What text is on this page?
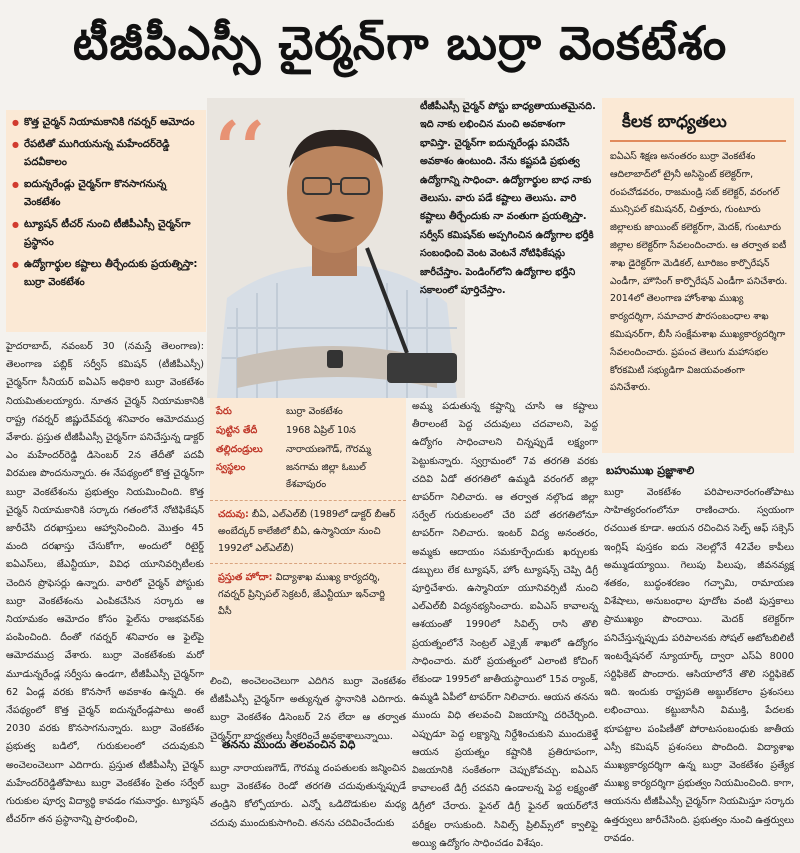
టీజీపీఎస్సీ చైర్మన్‌గా బుర్రా వెంకటేశం
● కొత్త చైర్మన్ నియామకానికి గవర్నర్ ఆమోదం
● రేపటితో ముగియనున్న మహేందర్‌రెడ్డి పదవీకాలం
● ఐదున్నరేండ్లు చైర్మన్‌గా కొనసాగనున్న వెంకటేశం
● ట్యూషన్ టీచర్ నుంచి టీజీపీఎస్సీ చైర్మన్‌గా ప్రస్థానం
● ఉద్యోగార్థుల కష్టాలు తీర్చేందుకు ప్రయత్నిస్తా: బుర్రా వెంకటేశం
‘‘	టీజీపీఎస్సీ చైర్మన్ పోస్టు బాధ్యతాయుతమైనది. ఇది నాకు లభించిన మంచి అవకాశంగా భావిస్తా. చైర్మన్‌గా ఐదున్నరేండ్లు పనిచేసే అవకాశం ఉంటుంది. నేను కష్టపడి ప్రభుత్వ ఉద్యోగాన్ని సాధించా. ఉద్యోగార్థుల బాధ నాకు తెలుసు. వారు పడే కష్టాలు తెలుసు. వారి కష్టాలు తీర్చేందుకు నా వంతుగా ప్రయత్నిస్తా. సర్వీస్ కమిషన్‌కు అప్పగించిన ఉద్యోగాల భర్తీకి సంబంధించి వెంట వెంటనే నోటిఫికేషన్లు జారీచేస్తాం. పెండింగ్‌లోని ఉద్యోగాల భర్తీని సకాలంలో పూర్తిచేస్తాం.
కీలక బాధ్యతలు
ఐఏఎస్ శిక్షణ అనంతరం బుర్రా వెంకటేశం ఆదిలాబాద్‌లో ట్రైనీ అసిస్టెంట్ కలెక్టర్‌గా, రంపచోడవరం, రాజమండ్రి సబ్ కలెక్టర్, వరంగల్ మున్సిపల్ కమిషనర్, చిత్తూరు, గుంటూరు జిల్లాలకు జాయింట్ కలెక్టర్‌గా, మెదక్, గుంటూరు జిల్లాల కలెక్టర్‌గా సేవలందించారు. ఆ తర్వాత ఐటీ శాఖ డైరెక్టర్‌గా మెడికల్, టూరిజం కార్పొరేషన్ ఎండీగా, హౌసింగ్ కార్పొరేషన్ ఎండీగా పనిచేశారు. 2014లో తెలంగాణ హోంశాఖ ముఖ్య కార్యదర్శిగా, సమాచార పౌరసంబంధాల శాఖ కమిషనర్‌గా, బీసీ సంక్షేమశాఖ ముఖ్యకార్యదర్శిగా సేవలందించారు. ప్రపంచ తెలుగు మహాసభల కోరకమిటీ సభ్యుడిగా విజయవంతంగా పనిచేశారు.
హైదరాబాద్, నవంబర్ 30 (నమస్తే తెలంగాణ): తెలంగాణ పబ్లిక్ సర్వీస్ కమిషన్ (టీజీపీఎస్సీ) చైర్మన్‌గా సీనియర్ ఐఏఎస్ అధికారి బుర్రా వెంకటేశం నియమితులయ్యారు. నూతన చైర్మన్ నియామకానికి రాష్ట్ర గవర్నర్ జిష్ణుదేవ్‌వర్మ శనివారం ఆమోదముద్ర వేశారు. ప్రస్తుత టీజీపీఎస్సీ చైర్మన్‌గా పనిచేస్తున్న డాక్టర్ ఎం మహేందర్‌రెడ్డి డిసెంబర్ 2న తేదీతో పదవీ విరమణ పొందనున్నారు. ఈ నేపథ్యంలో కొత్త చైర్మన్‌గా బుర్రా వెంకటేశంను ప్రభుత్వం నియమించింది. కొత్త చైర్మన్ నియామకానికి సర్కారు గతంలోనే నోటిఫికేషన్ జారీచేసి దరఖాస్తులు ఆహ్వానించింది. మొత్తం 45 మంది దరఖాస్తు చేసుకోగా, అందులో రిటైర్డ్ ఐఏఎస్‌లు, జేఎన్టీయూ, వివిధ యూనివర్సిటీలకు చెందిన ప్రొఫెసర్లు ఉన్నారు. వారిలో చైర్మన్ పోస్టుకు బుర్రా వెంకటేశంను ఎంపికచేసిన సర్కారు ఆ నియామకం ఆమోదం కోసం ఫైల్‌ను రాజభవన్‌కు పంపించింది. దీంతో గవర్నర్ శనివారం ఆ ఫైల్‌పై ఆమోదముద్ర వేశారు. బుర్రా వెంకటేశంకు మరో మూడున్నరేండ్ల సర్వీసు ఉండగా, టీజీపీఎస్సీ చైర్మన్‌గా 62 ఏండ్ల వరకు కొనసాగే అవకాశం ఉన్నది. ఈ నేపథ్యంలో కొత్త చైర్మన్ ఐదున్నరేండ్లపాటు అంటే 2030 వరకు కొనసాగనున్నారు. బుర్రా వెంకటేశం ప్రభుత్వ బడిలో, గురుకులంలో చదువుకుని అంచెలంచెలుగా ఎదిగారు. ప్రస్తుత టీజీపీఎస్సీ చైర్మన్ మహేందర్‌రెడ్డితోపాటు బుర్రా వెంకటేశం సైతం సర్వేల్ గురుకుల పూర్వ విద్యార్థి కావడం గమనార్హం. ట్యూషన్ టీచర్‌గా తన ప్రస్థానాన్ని ప్రారంభించి,
పేరు	బుర్రా వెంకటేశం
పుట్టిన తేదీ	1968 ఏప్రిల్ 10న
తల్లిదండ్రులు	నారాయణగౌడ్, గౌరమ్మ
స్వస్థలం	జనగామ జిల్లా ఓబుల్ కేశవాపురం
చదువు: బీఏ, ఎల్ఎల్‌బీ (1989లో డాక్టర్ బీఆర్ అంబేద్కర్ కాలేజీలో బీఏ, ఉస్మానియా నుంచి 1992లో ఎల్ఎల్‌బీ)
ప్రస్తుత హోదా: విద్యాశాఖ ముఖ్య కార్యదర్శి, గవర్నర్ ప్రిన్సిపల్ సెక్రటరీ, జేఎన్టీయూ ఇన్‌చార్జి వీసీ
లించి, అంచెలంచెలుగా ఎదిగిన బుర్రా వెంకటేశం టీజీపీఎస్సీ చైర్మన్‌గా అత్యున్నత స్థానానికి ఎదిగారు. బుర్రా వెంకటేశం డిసెంబర్ 2న లేదా ఆ తర్వాత చైర్మన్‌గా బాధ్యతలు స్వీకరించే అవకాశాలున్నాయి.
తనను ముందు తలవంచిన విధి
బుర్రా నారాయణగౌడ్, గౌరమ్మ దంపతులకు జన్మించిన బుర్రా వెంకటేశం రెండో తరగతి చదువుతున్నప్పుడే తండ్రిని కోల్పోయారు. ఎన్నో ఒడిదొడుకుల మధ్య చదువు ముందుకుసాగించి. తనను చదివించేందుకు
అమ్మ పడుతున్న కష్టాన్ని చూసి ఆ కష్టాలు తీరాలంటే పెద్ద చదువులు చదవాలని, పెద్ద ఉద్యోగం సాధించాలని చిన్నప్పుడే లక్ష్యంగా పెట్టుకున్నారు. స్వగ్రామంలో 7వ తరగతి వరకు చదివి ఏడో తరగతిలో ఉమ్మడి వరంగల్ జిల్లా టాపర్‌గా నిలిచారు. ఆ తర్వాత నల్గొండ జిల్లా సర్వేల్ గురుకులంలో చేరి పదో తరగతిలోనూ టాపర్‌గా నిలిచారు. ఇంటర్ విద్య అనంతరం, అమ్మకు ఆదాయం సమకూర్చేందుకు ఖర్చులకు డబ్బులు లేక ట్యూషన్, హోం ట్యూషన్స్ చెప్పి డిగ్రీ పూర్తిచేశారు. ఉస్మానియా యూనివర్సిటీ నుంచి ఎల్ఎల్‌బీ విద్యనభ్యసించారు. ఐఏఎస్ కావాలన్న ఆశయంతో 1990లో సివిల్స్ రాసి తొలి ప్రయత్నంలోనే సెంట్రల్ ఎక్సైజ్ శాఖలో ఉద్యోగం సాధించారు. మరో ప్రయత్నంలో ఎలాంటి కోచింగ్ లేకుండా 1995లో జాతీయస్థాయిలో 15వ ర్యాంక్, ఉమ్మడి ఏపీలో టాపర్‌గా నిలిచారు. ఆయన తనను ముందు విధి తలవంచి విజయాన్ని దరిచేర్చింది. ఎప్పుడూ పెద్ద లక్ష్యాన్ని నిర్దేశించుకుని ముందుకెళ్తే ఆయన ప్రయత్నం కష్టానికి ప్రతిరూపంగా, విజయానికి సంకేతంగా చెప్పుకోవచ్చు. ఐఏఎస్ కావాలంటే డిగ్రీ చదవని ఉండాలన్న పెద్ద లక్ష్యంతో డిగ్రీలో చేరారు. ఫైనల్ డిగ్రీ ఫైనల్ ఇయర్‌లోనే పరీక్షల రాసుకుంది. సివిల్స్ ప్రిలిమ్స్‌లో క్వాలిఫై అయ్యి ఉద్యోగం సాధించడం విశేషం.
బహుముఖ ప్రజ్ఞాశాలి
బుర్రా వెంకటేశం పరిపాలనారంగంతోపాటు సాహిత్యరంగంలోనూ రాణించారు. స్వయంగా రచయిత కూడా. ఆయన రచించిన సెల్ఫ్ ఆఫ్ సక్సెస్ ఇంగ్లిష్ పుస్తకం ఐదు నెలల్లోనే 42వేల కాపీలు అమ్ముడయ్యాయి. గెలుపు పిలుపు, జీవనవ్యక్ష శతకం, బుద్ధంశరణం గచ్ఛామి, రామాయణ విశేషాలు, అనుబంధాల పూదోట వంటి పుస్తకాలు ప్రాముఖ్యం పొందాయి. మెదక్ కలెక్టర్‌గా పనిచేస్తున్నప్పుడు పరిపాలనకు సోషల్ ఆటోటబిలిటీ ఇంటర్నేషనల్ న్యూయార్క్ ద్వారా ఎస్‌ఏ 8000 సర్టిఫికెట్ పొందారు. ఆసియాలోనే తొలి సర్టిఫికెట్ ఇది. ఇందుకు రాష్ట్రపతి అబ్దుల్‌కలాం ప్రశంసలు లభించాయి. కట్టుబాసీని విముక్తి, పేదలకు భూపట్టాల పంపిణీతో పోరాటసంబంధుకు జాతీయ ఎస్సీ కమిషన్ ప్రశంసలు పొందింది. విద్యాశాఖ ముఖ్యకార్యదర్శిగా ఉన్న బుర్రా వెంకటేశం ప్రత్యేక ముఖ్య కార్యదర్శిగా ప్రభుత్వం నియమించింది. కాగా, ఆయనను టీజీపీఎస్సీ చైర్మన్‌గా నియమిస్తూ సర్కారు ఉత్తర్వులు జారీచేసింది. ప్రభుత్వం నుంచి ఉత్తర్వులు రావడం.
